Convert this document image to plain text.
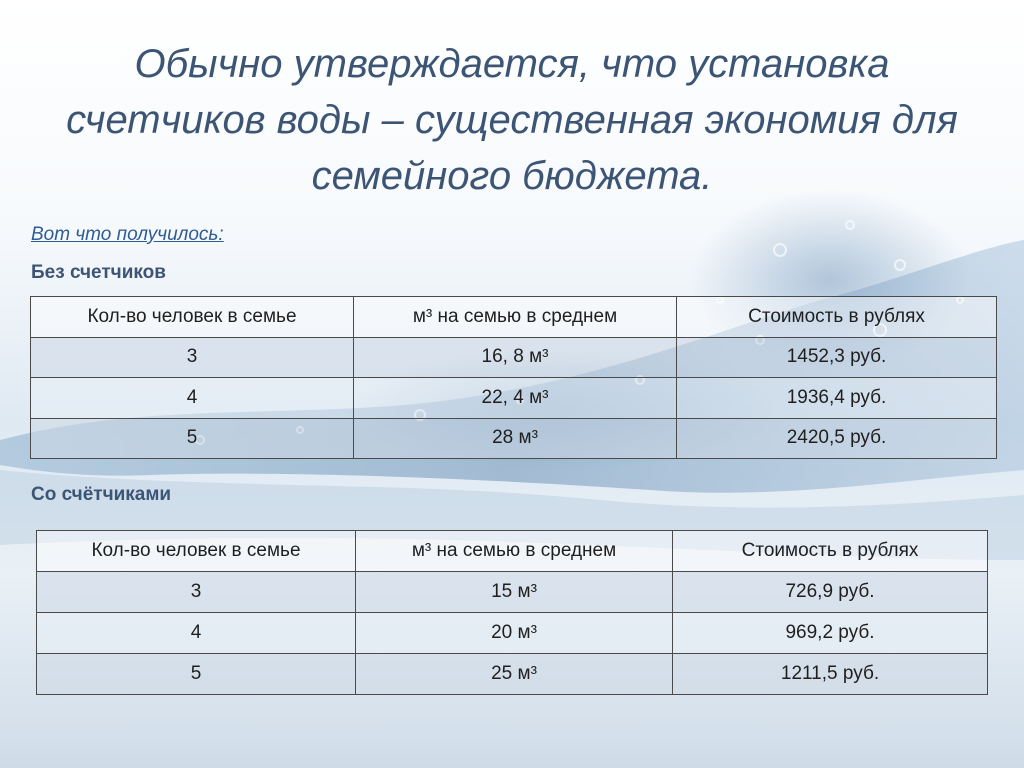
Обычно утверждается, что установка счетчиков воды – существенная экономия для семейного бюджета.
Вот что получилось:
Без счетчиков
Кол-во человек в семье	м³ на семью в среднем	Стоимость в рублях
3	16, 8 м³	1452,3 руб.
4	22, 4 м³	1936,4 руб.
5	28 м³	2420,5 руб.
Со счётчиками
Кол-во человек в семье	м³ на семью в среднем	Стоимость в рублях
3	15 м³	726,9 руб.
4	20 м³	969,2 руб.
5	25 м³	1211,5 руб.
